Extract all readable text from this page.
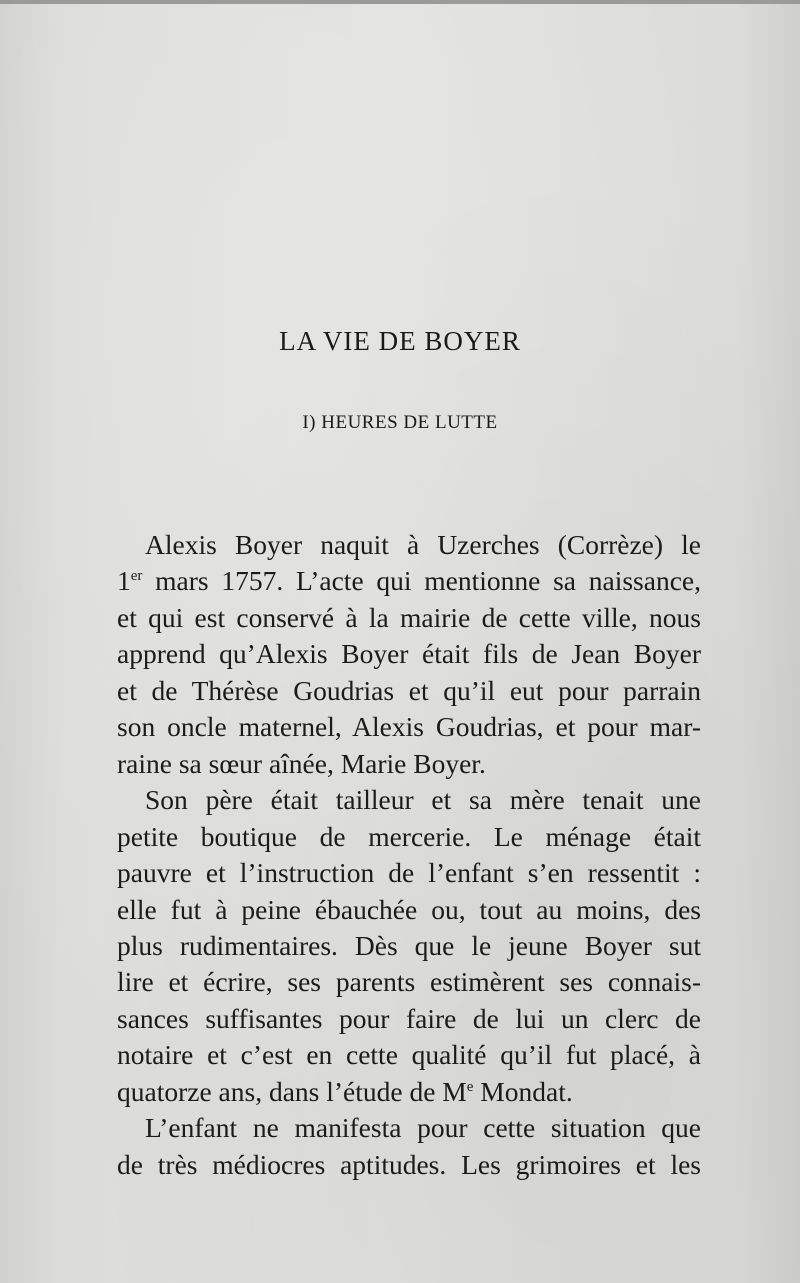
LA VIE DE BOYER
I) HEURES DE LUTTE

Alexis Boyer naquit à Uzerches (Corrèze) le

1er mars 1757. L’acte qui mentionne sa naissance,

et qui est conservé à la mairie de cette ville, nous

apprend qu’Alexis Boyer était fils de Jean Boyer

et de Thérèse Goudrias et qu’il eut pour parrain

son oncle maternel, Alexis Goudrias, et pour mar-

raine sa sœur aînée, Marie Boyer.

Son père était tailleur et sa mère tenait une

petite boutique de mercerie. Le ménage était

pauvre et l’instruction de l’enfant s’en ressentit :

elle fut à peine ébauchée ou, tout au moins, des

plus rudimentaires. Dès que le jeune Boyer sut

lire et écrire, ses parents estimèrent ses connais-

sances suffisantes pour faire de lui un clerc de

notaire et c’est en cette qualité qu’il fut placé, à

quatorze ans, dans l’étude de Me Mondat.

L’enfant ne manifesta pour cette situation que

de très médiocres aptitudes. Les grimoires et les
